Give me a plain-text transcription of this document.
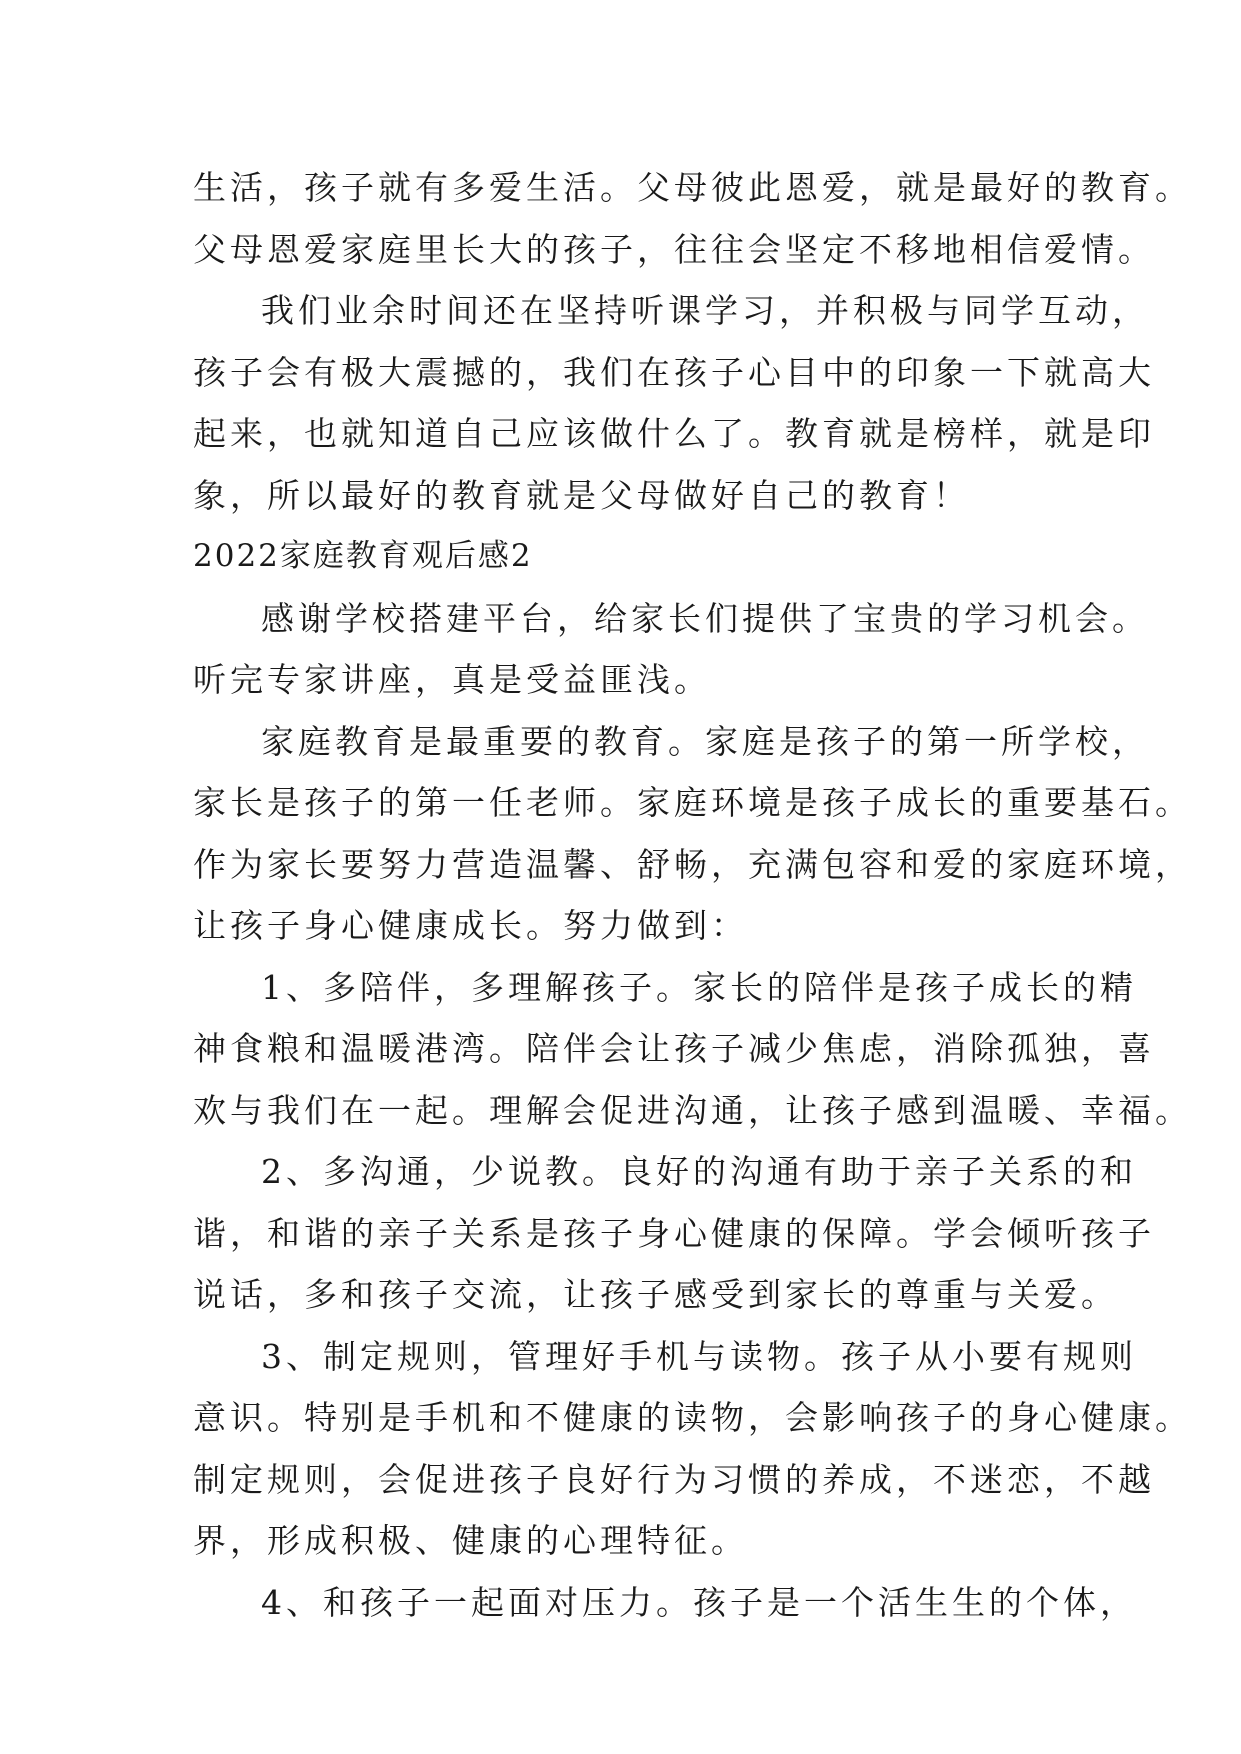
生活，孩子就有多爱生活。父母彼此恩爱，就是最好的教育。
父母恩爱家庭里长大的孩子，往往会坚定不移地相信爱情。
我们业余时间还在坚持听课学习，并积极与同学互动，
孩子会有极大震撼的，我们在孩子心目中的印象一下就高大
起来，也就知道自己应该做什么了。教育就是榜样，就是印
象，所以最好的教育就是父母做好自己的教育！
2022家庭教育观后感2
感谢学校搭建平台，给家长们提供了宝贵的学习机会。
听完专家讲座，真是受益匪浅。
家庭教育是最重要的教育。家庭是孩子的第一所学校，
家长是孩子的第一任老师。家庭环境是孩子成长的重要基石。
作为家长要努力营造温馨、舒畅，充满包容和爱的家庭环境，
让孩子身心健康成长。努力做到：
1、多陪伴，多理解孩子。家长的陪伴是孩子成长的精
神食粮和温暖港湾。陪伴会让孩子减少焦虑，消除孤独，喜
欢与我们在一起。理解会促进沟通，让孩子感到温暖、幸福。
2、多沟通，少说教。良好的沟通有助于亲子关系的和
谐，和谐的亲子关系是孩子身心健康的保障。学会倾听孩子
说话，多和孩子交流，让孩子感受到家长的尊重与关爱。
3、制定规则，管理好手机与读物。孩子从小要有规则
意识。特别是手机和不健康的读物，会影响孩子的身心健康。
制定规则，会促进孩子良好行为习惯的养成，不迷恋，不越
界，形成积极、健康的心理特征。
4、和孩子一起面对压力。孩子是一个活生生的个体，
